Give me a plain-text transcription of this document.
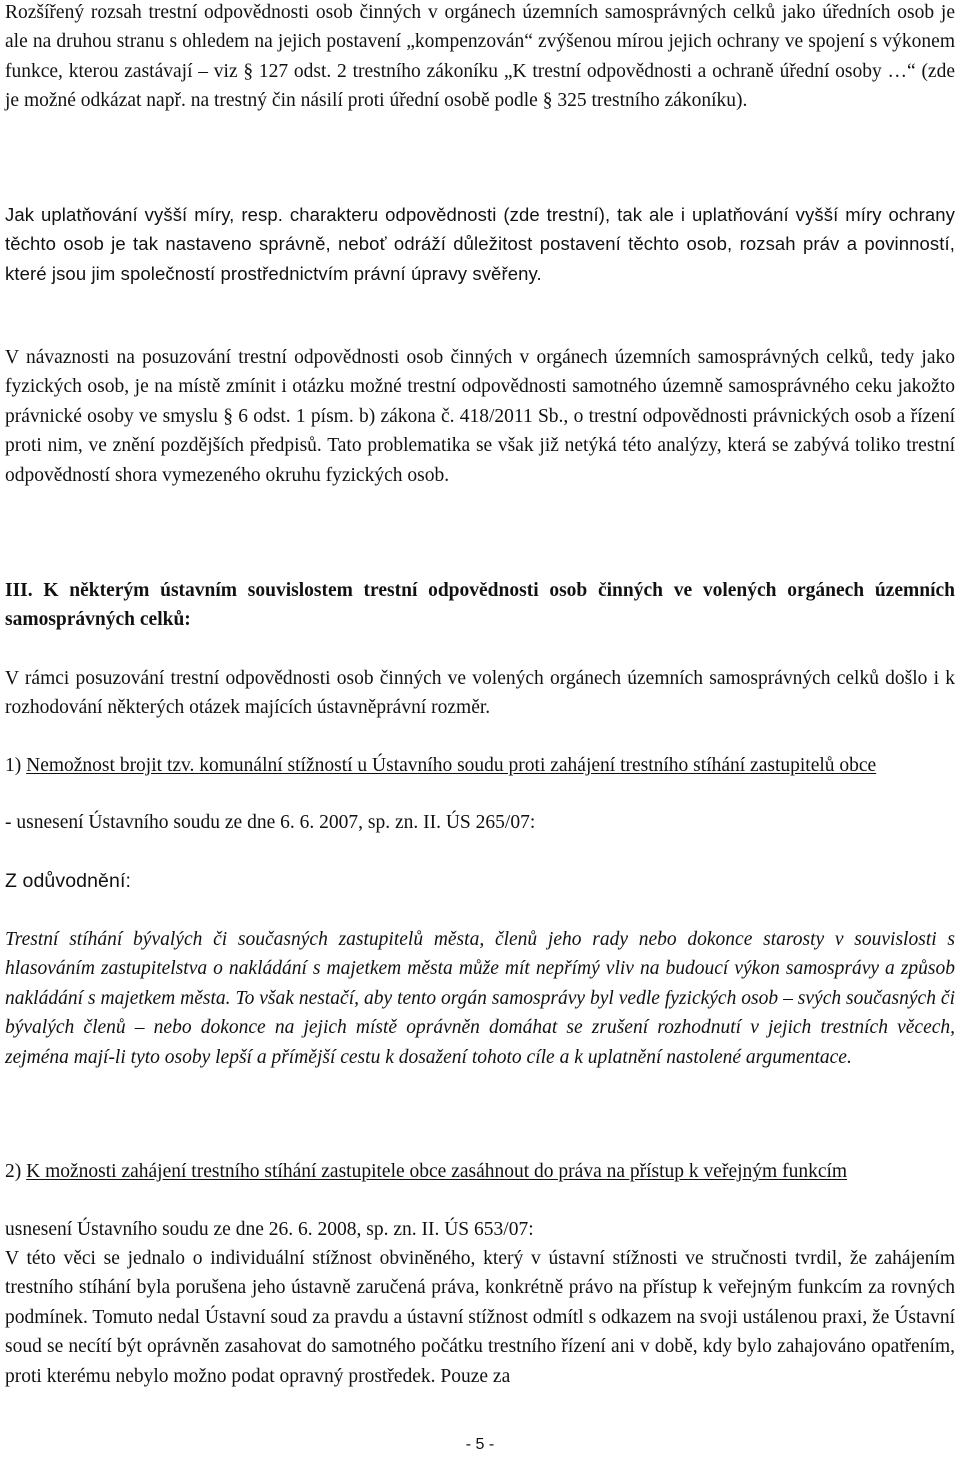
Rozšířený rozsah trestní odpovědnosti osob činných v orgánech územních samosprávných celků jako úředních osob je ale na druhou stranu s ohledem na jejich postavení „kompenzován“ zvýšenou mírou jejich ochrany ve spojení s výkonem funkce, kterou zastávají – viz § 127 odst. 2 trestního zákoníku „K trestní odpovědnosti a ochraně úřední osoby …“ (zde je možné odkázat např. na trestný čin násilí proti úřední osobě podle § 325 trestního zákoníku).

Jak uplatňování vyšší míry, resp. charakteru odpovědnosti (zde trestní), tak ale i uplatňování vyšší míry ochrany těchto osob je tak nastaveno správně, neboť odráží důležitost postavení těchto osob, rozsah práv a povinností, které jsou jim společností prostřednictvím právní úpravy svěřeny.

V návaznosti na posuzování trestní odpovědnosti osob činných v orgánech územních samosprávných celků, tedy jako fyzických osob, je na místě zmínit i otázku možné trestní odpovědnosti samotného územně samosprávného ceku jakožto právnické osoby ve smyslu § 6 odst. 1 písm. b) zákona č. 418/2011 Sb., o trestní odpovědnosti právnických osob a řízení proti nim, ve znění pozdějších předpisů. Tato problematika se však již netýká této analýzy, která se zabývá toliko trestní odpovědností shora vymezeného okruhu fyzických osob.

III. K některým ústavním souvislostem trestní odpovědnosti osob činných ve volených orgánech územních samosprávných celků:

V rámci posuzování trestní odpovědnosti osob činných ve volených orgánech územních samosprávných celků došlo i k rozhodování některých otázek majících ústavněprávní rozměr.

1) Nemožnost brojit tzv. komunální stížností u Ústavního soudu proti zahájení trestního stíhání zastupitelů obce

- usnesení Ústavního soudu ze dne 6. 6. 2007, sp. zn. II. ÚS 265/07:

Z odůvodnění:

Trestní stíhání bývalých či současných zastupitelů města, členů jeho rady nebo dokonce starosty v souvislosti s hlasováním zastupitelstva o nakládání s majetkem města může mít nepřímý vliv na budoucí výkon samosprávy a způsob nakládání s majetkem města. To však nestačí, aby tento orgán samosprávy byl vedle fyzických osob – svých současných či bývalých členů – nebo dokonce na jejich místě oprávněn domáhat se zrušení rozhodnutí v jejich trestních věcech, zejména mají-li tyto osoby lepší a přímější cestu k dosažení tohoto cíle a k uplatnění nastolené argumentace.

2) K možnosti zahájení trestního stíhání zastupitele obce zasáhnout do práva na přístup k veřejným funkcím

usnesení Ústavního soudu ze dne 26. 6. 2008, sp. zn. II. ÚS 653/07:

V této věci se jednalo o individuální stížnost obviněného, který v ústavní stížnosti ve stručnosti tvrdil, že zahájením trestního stíhání byla porušena jeho ústavně zaručená práva, konkrétně právo na přístup k veřejným funkcím za rovných podmínek. Tomuto nedal Ústavní soud za pravdu a ústavní stížnost odmítl s odkazem na svoji ustálenou praxi, že Ústavní soud se necítí být oprávněn zasahovat do samotného počátku trestního řízení ani v době, kdy bylo zahajováno opatřením, proti kterému nebylo možno podat opravný prostředek. Pouze za

- 5 -
